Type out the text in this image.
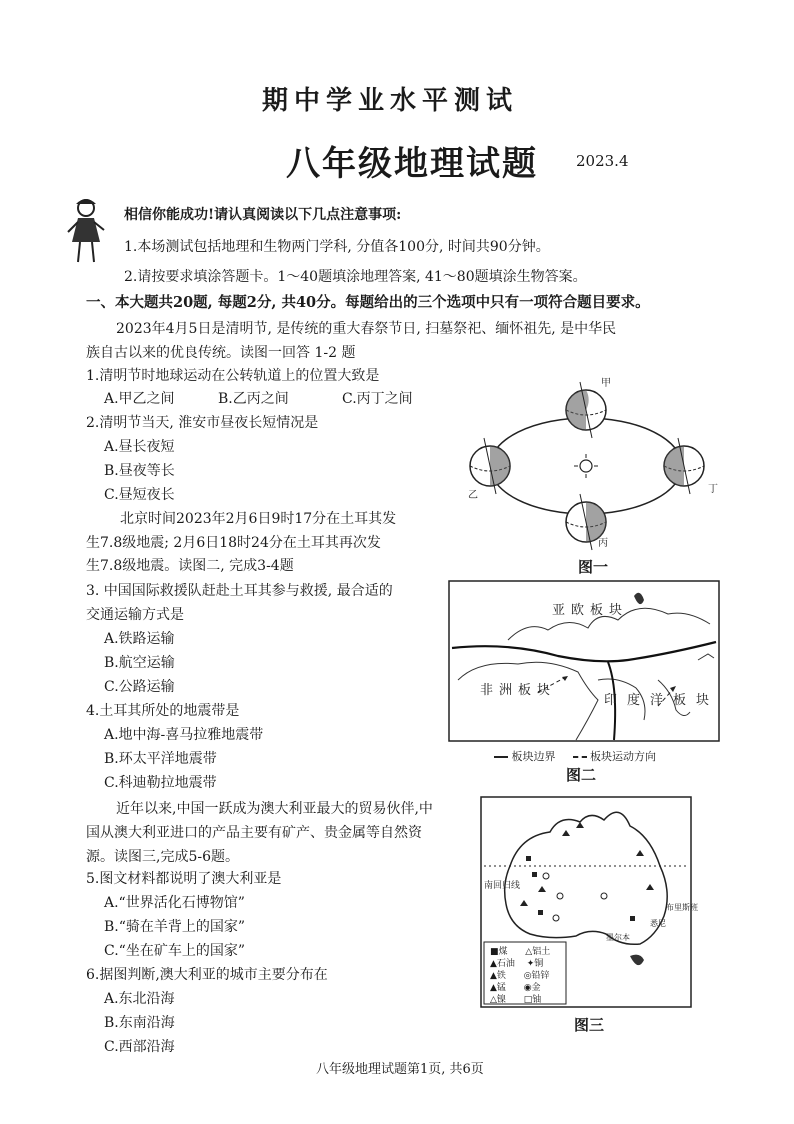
期中学业水平测试
八年级地理试题	2023.4
相信你能成功!请认真阅读以下几点注意事项:
1.本场测试包括地理和生物两门学科, 分值各100分, 时间共90分钟。
2.请按要求填涂答题卡。1～40题填涂地理答案, 41～80题填涂生物答案。
一、本大题共20题, 每题2分, 共40分。每题给出的三个选项中只有一项符合题目要求。
2023年4月5日是清明节, 是传统的重大春祭节日, 扫墓祭祀、缅怀祖先, 是中华民
族自古以来的优良传统。读图一回答 1-2 题
1.清明节时地球运动在公转轨道上的位置大致是
A.甲乙之间	B.乙丙之间	C.丙丁之间
2.清明节当天, 淮安市昼夜长短情况是
A.昼长夜短
B.昼夜等长
C.昼短夜长
北京时间2023年2月6日9时17分在土耳其发
生7.8级地震; 2月6日18时24分在土耳其再次发
生7.8级地震。读图二, 完成3-4题
3. 中国国际救援队赶赴土耳其参与救援, 最合适的
交通运输方式是
A.铁路运输
B.航空运输
C.公路运输
4.土耳其所处的地震带是
A.地中海-喜马拉雅地震带
B.环太平洋地震带
C.科迪勒拉地震带
近年以来,中国一跃成为澳大利亚最大的贸易伙伴,中
国从澳大利亚进口的产品主要有矿产、贵金属等自然资
源。读图三,完成5-6题。
5.图文材料都说明了澳大利亚是
A.“世界活化石博物馆”
B.“骑在羊背上的国家”
C.“坐在矿车上的国家”
6.据图判断,澳大利亚的城市主要分布在
A.东北沿海
B.东南沿海
C.西部沿海
甲
乙
丙
丁
图一
亚欧板块
非洲板块
印度洋板块
板块边界	板块运动方向
图二
南回归线
布里斯班
悉尼
墨尔本
■煤 △铝土
▲石油 ✦铜
▲铁 ◎铅锌
▲锰 ◉金
△镍 □铀
图三
八年级地理试题第1页, 共6页
